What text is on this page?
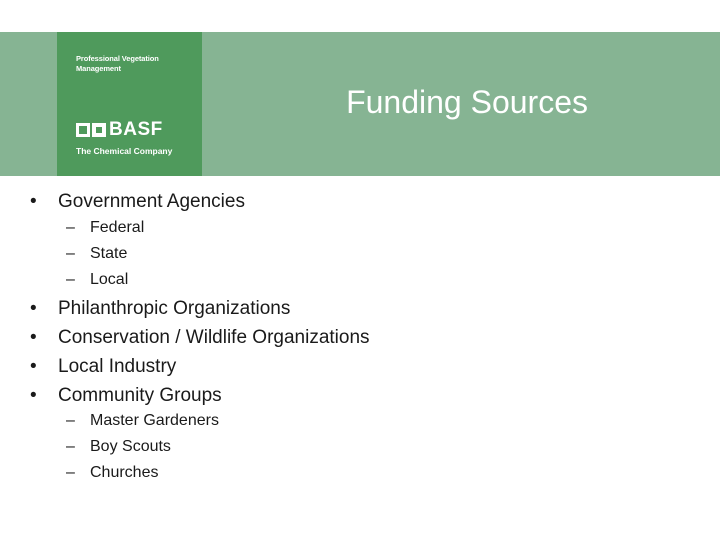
Professional Vegetation Management
BASF
The Chemical Company
Funding Sources
• Government Agencies
– Federal
– State
– Local
• Philanthropic Organizations
• Conservation / Wildlife Organizations
• Local Industry
• Community Groups
– Master Gardeners
– Boy Scouts
– Churches
